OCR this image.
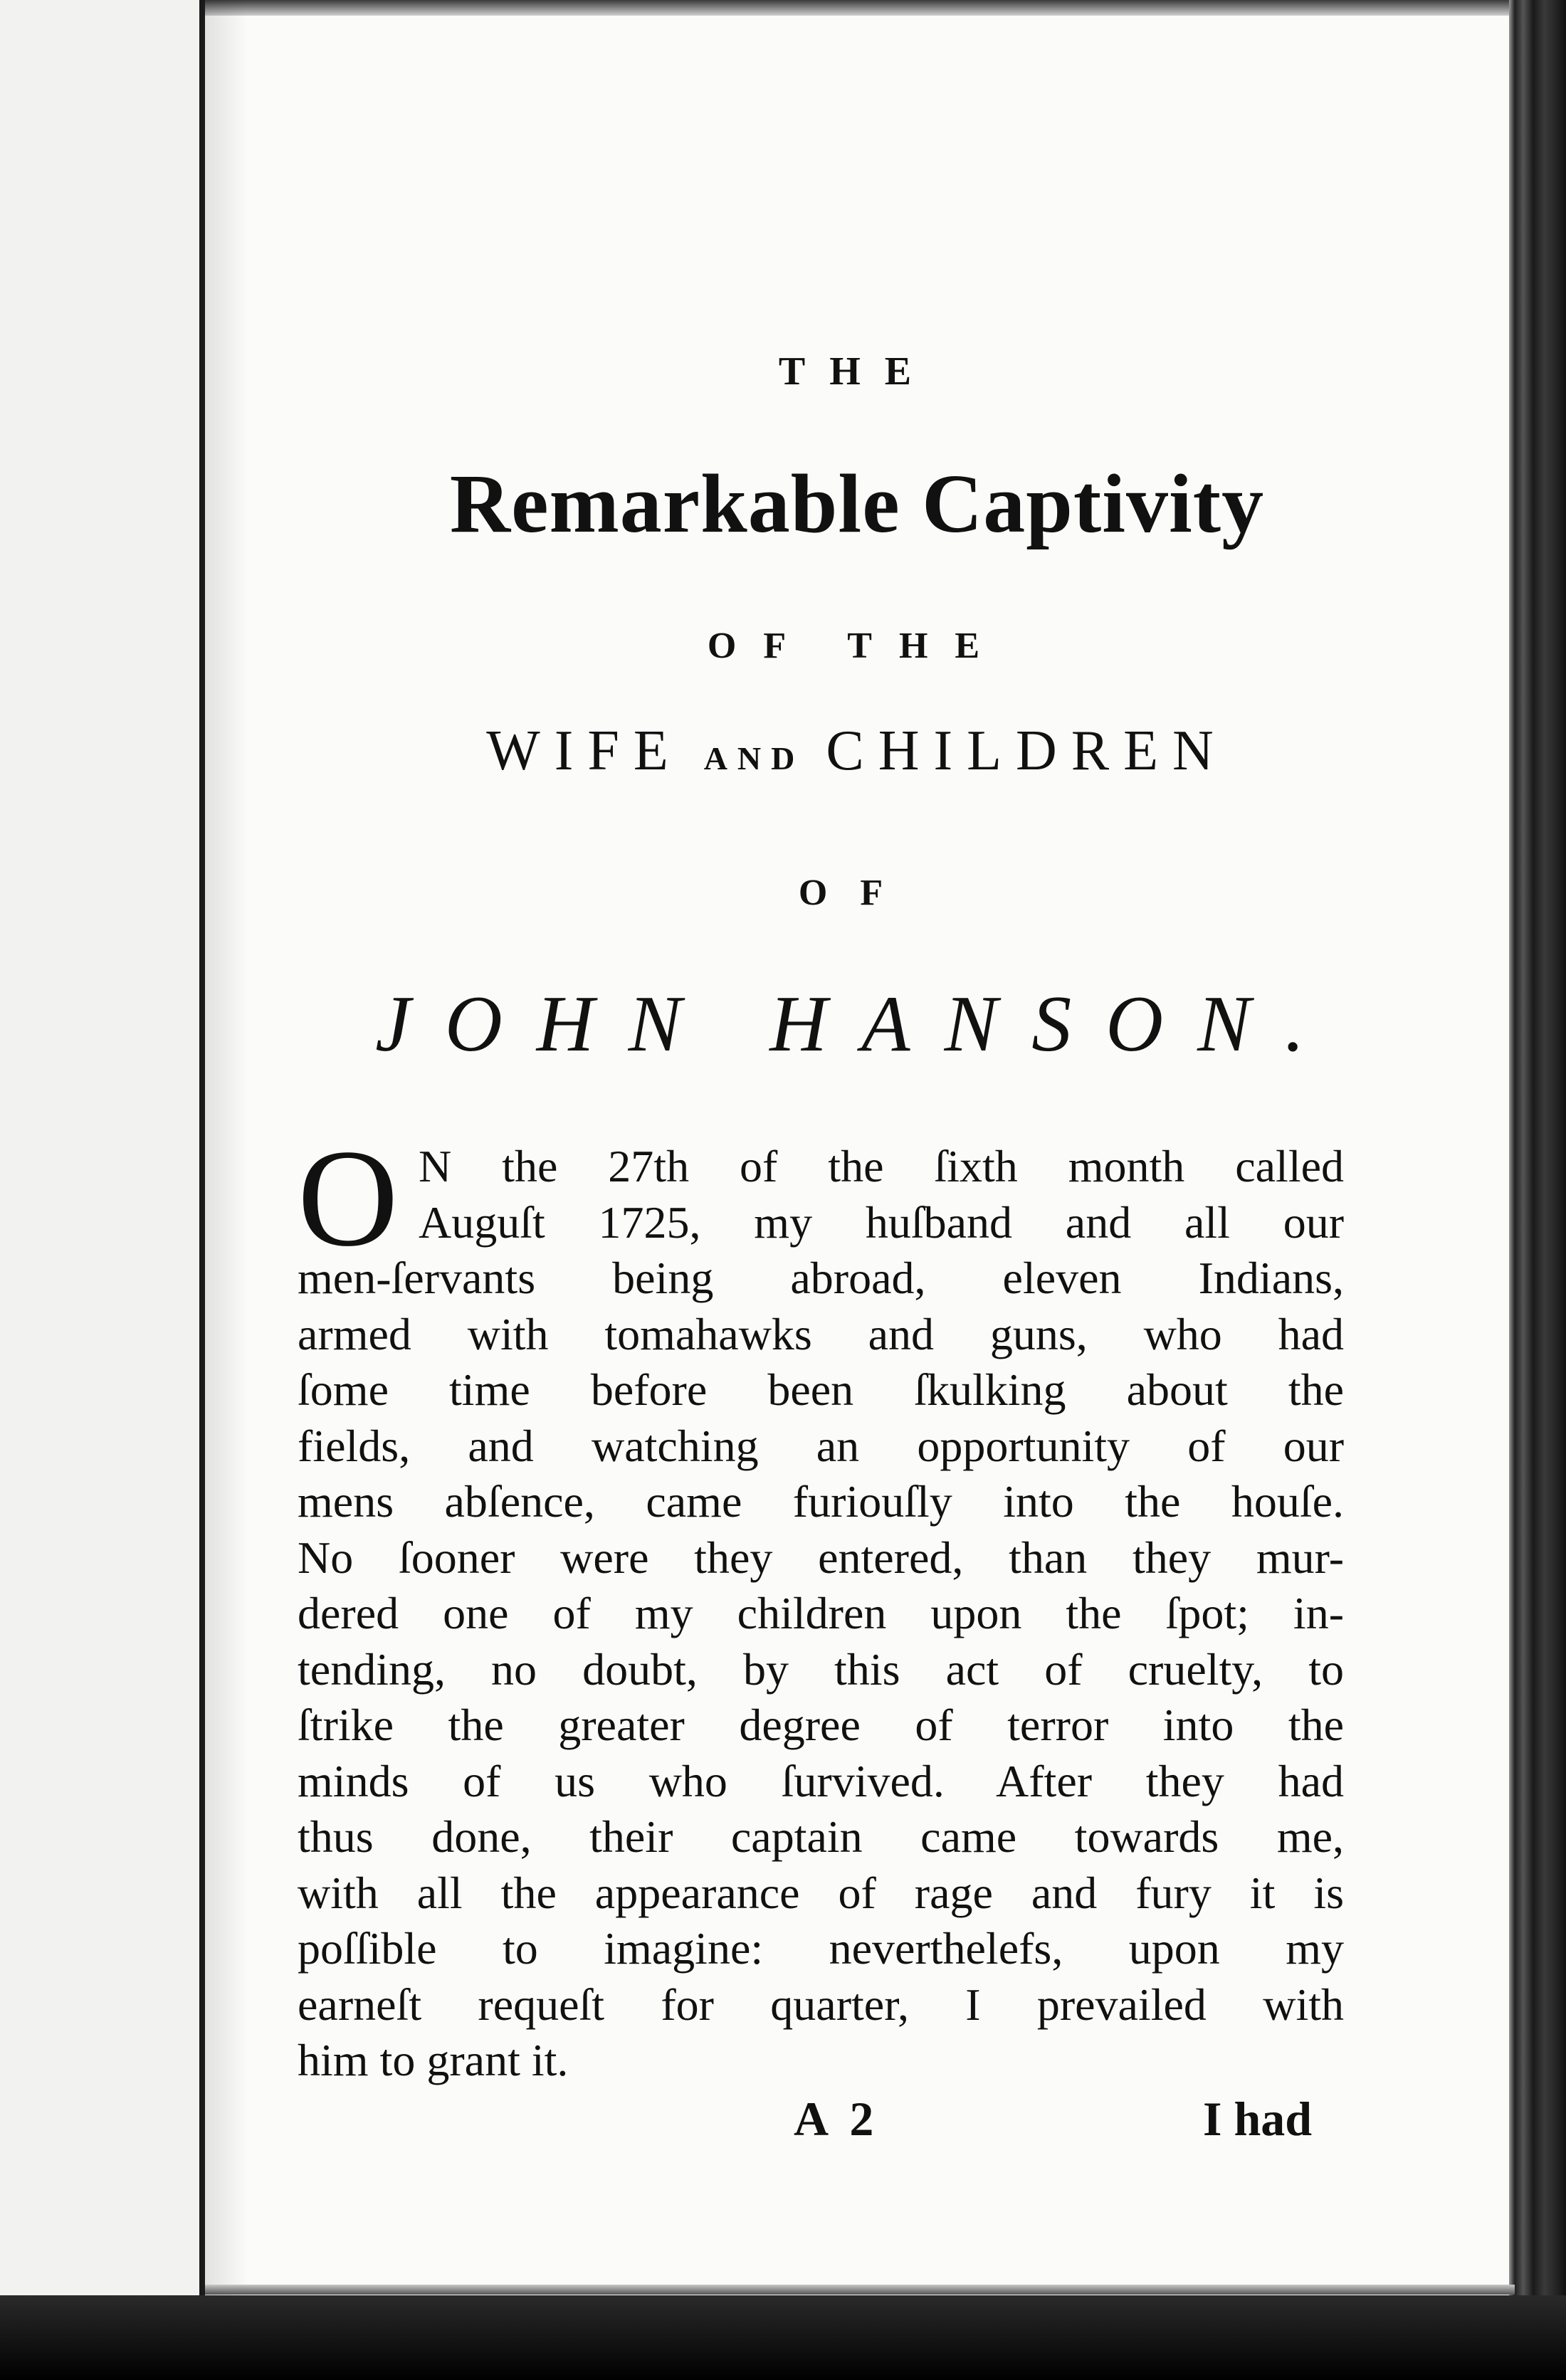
THE
Remarkable Captivity
OF THE
WIFE AND CHILDREN
OF
JOHN HANSON.
O N the 27th of the ſixth month called
Auguſt 1725, my huſband and all our
men-ſervants being abroad, eleven Indians,
armed with tomahawks and guns, who had
ſome time before been ſkulking about the
fields, and watching an opportunity of our
mens abſence, came furiouſly into the houſe.
No ſooner were they entered, than they mur-
dered one of my children upon the ſpot; in-
tending, no doubt, by this act of cruelty, to
ſtrike the greater degree of terror into the
minds of us who ſurvived. After they had
thus done, their captain came towards me,
with all the appearance of rage and fury it is
poſſible to imagine: neverthelefs, upon my
earneſt requeſt for quarter, I prevailed with
him to grant it.
A 2	I had
